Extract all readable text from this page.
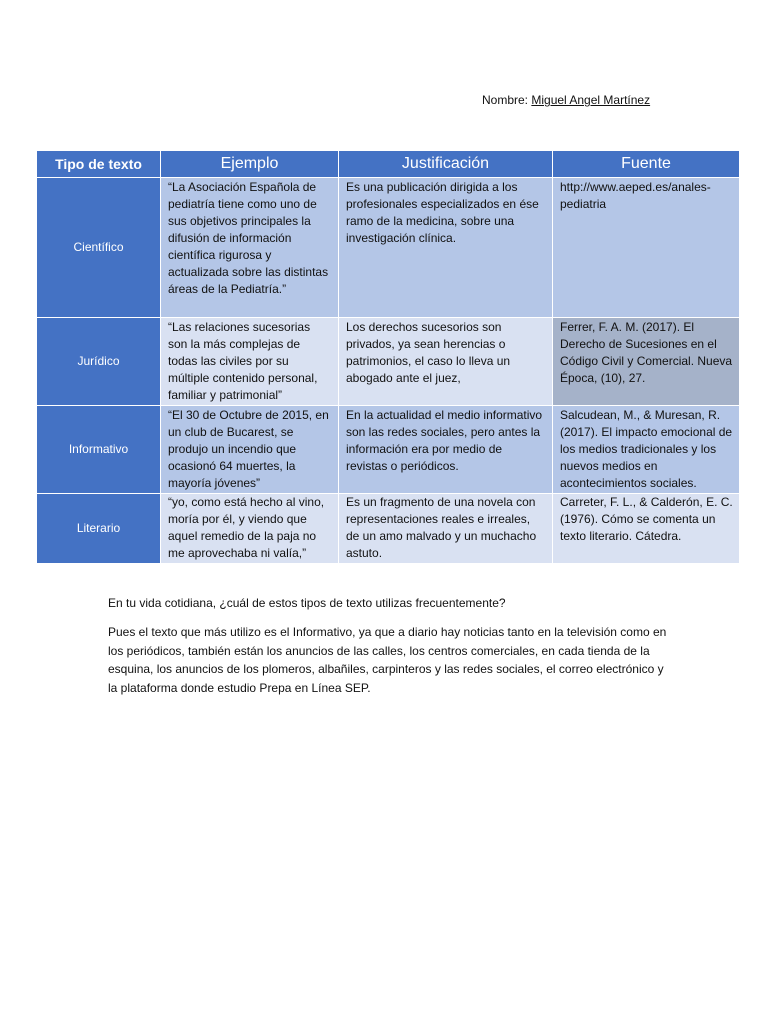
Nombre: Miguel Angel Martínez
Tipo de texto	Ejemplo	Justificación	Fuente
Científico	“La Asociación Española de pediatría tiene como uno de sus objetivos principales la difusión de información científica rigurosa y actualizada sobre las distintas áreas de la Pediatría.”	Es una publicación dirigida a los profesionales especializados en ése ramo de la medicina, sobre una investigación clínica.	http://www.aeped.es/anales-pediatria
Jurídico	“Las relaciones sucesorias son la más complejas de todas las civiles por su múltiple contenido personal, familiar y patrimonial”	Los derechos sucesorios son privados, ya sean herencias o patrimonios, el caso lo lleva un abogado ante el juez,	Ferrer, F. A. M. (2017). El Derecho de Sucesiones en el Código Civil y Comercial. Nueva Época, (10), 27.
Informativo	“El 30 de Octubre de 2015, en un club de Bucarest, se produjo un incendio que ocasionó 64 muertes, la mayoría jóvenes”	En la actualidad el medio informativo son las redes sociales, pero antes la información era por medio de revistas o periódicos.	Salcudean, M., & Muresan, R. (2017). El impacto emocional de los medios tradicionales y los nuevos medios en acontecimientos sociales.
Literario	“yo, como está hecho al vino, moría por él, y viendo que aquel remedio de la paja no me aprovechaba ni valía,”	Es un fragmento de una novela con representaciones reales e irreales, de un amo malvado y un muchacho astuto.	Carreter, F. L., & Calderón, E. C. (1976). Cómo se comenta un texto literario. Cátedra.

En tu vida cotidiana, ¿cuál de estos tipos de texto utilizas frecuentemente?

Pues el texto que más utilizo es el Informativo, ya que a diario hay noticias tanto en la televisión como en los periódicos, también están los anuncios de las calles, los centros comerciales, en cada tienda de la esquina, los anuncios de los plomeros, albañiles, carpinteros y las redes sociales, el correo electrónico y la plataforma donde estudio Prepa en Línea SEP.
